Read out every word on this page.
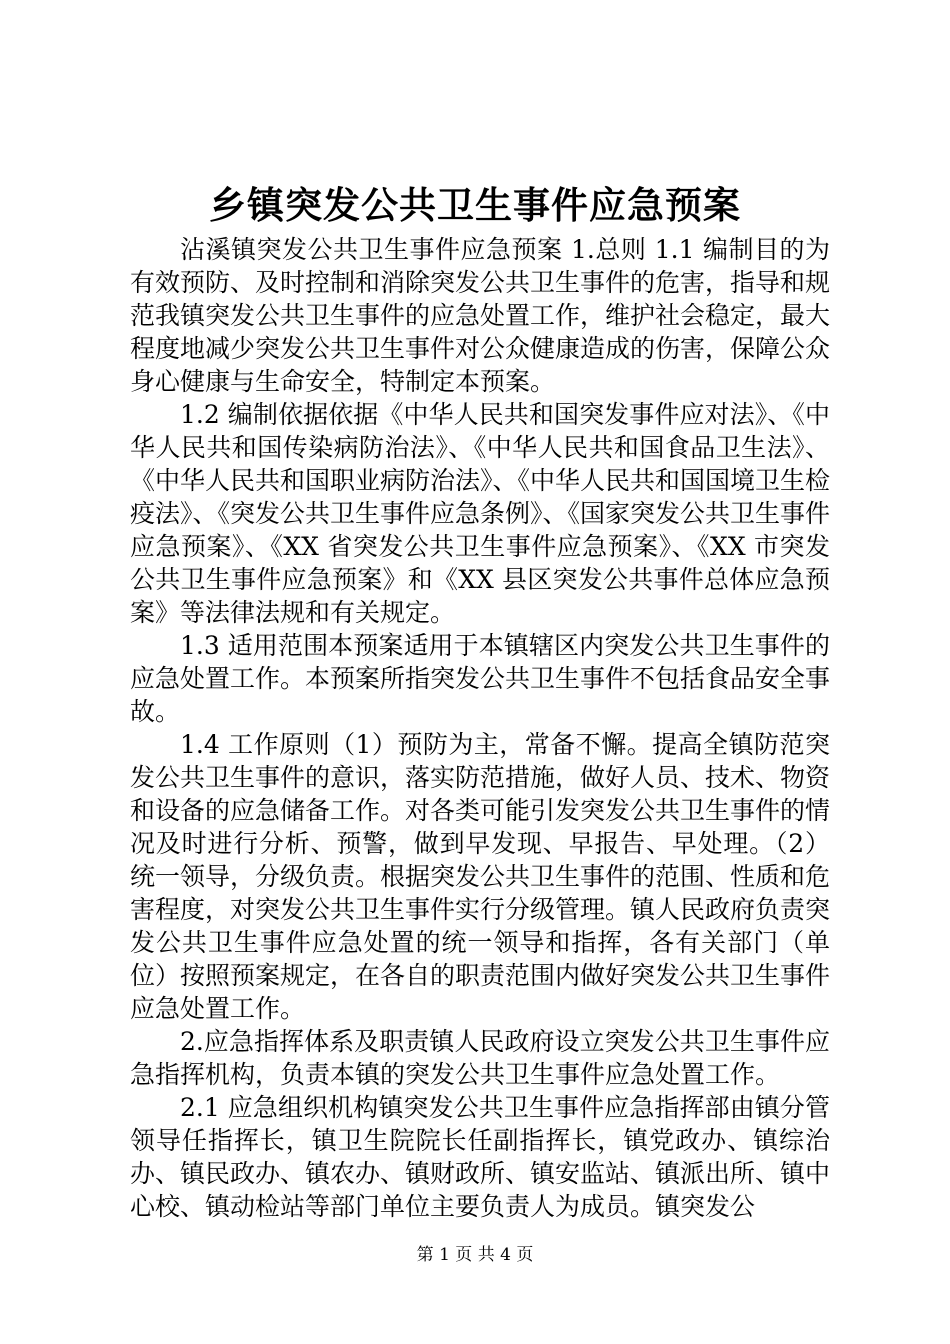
乡镇突发公共卫生事件应急预案

沾溪镇突发公共卫生事件应急预案 1.总则 1.1 编制目的为有效预防、及时控制和消除突发公共卫生事件的危害，指导和规范我镇突发公共卫生事件的应急处置工作，维护社会稳定，最大程度地减少突发公共卫生事件对公众健康造成的伤害，保障公众身心健康与生命安全，特制定本预案。

1.2 编制依据依据《中华人民共和国突发事件应对法》、《中华人民共和国传染病防治法》、《中华人民共和国食品卫生法》、《中华人民共和国职业病防治法》、《中华人民共和国国境卫生检疫法》、《突发公共卫生事件应急条例》、《国家突发公共卫生事件应急预案》、《XX 省突发公共卫生事件应急预案》、《XX 市突发公共卫生事件应急预案》和《XX 县区突发公共事件总体应急预案》等法律法规和有关规定。

1.3 适用范围本预案适用于本镇辖区内突发公共卫生事件的应急处置工作。本预案所指突发公共卫生事件不包括食品安全事故。

1.4 工作原则（1）预防为主，常备不懈。提高全镇防范突发公共卫生事件的意识，落实防范措施，做好人员、技术、物资和设备的应急储备工作。对各类可能引发突发公共卫生事件的情况及时进行分析、预警，做到早发现、早报告、早处理。（2）统一领导，分级负责。根据突发公共卫生事件的范围、性质和危害程度，对突发公共卫生事件实行分级管理。镇人民政府负责突发公共卫生事件应急处置的统一领导和指挥，各有关部门（单位）按照预案规定，在各自的职责范围内做好突发公共卫生事件应急处置工作。

2.应急指挥体系及职责镇人民政府设立突发公共卫生事件应急指挥机构，负责本镇的突发公共卫生事件应急处置工作。

2.1 应急组织机构镇突发公共卫生事件应急指挥部由镇分管领导任指挥长，镇卫生院院长任副指挥长，镇党政办、镇综治办、镇民政办、镇农办、镇财政所、镇安监站、镇派出所、镇中心校、镇动检站等部门单位主要负责人为成员。镇突发公

第 1 页 共 4 页
